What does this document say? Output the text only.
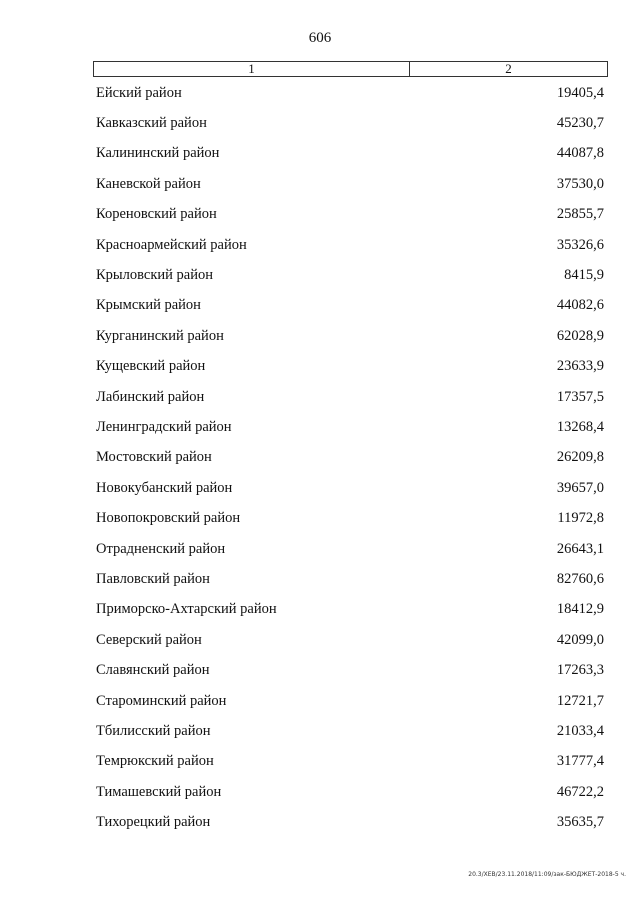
606
1	2
Ейский район	19405,4
Кавказский район	45230,7
Калининский район	44087,8
Каневской район	37530,0
Кореновский район	25855,7
Красноармейский район	35326,6
Крыловский район	8415,9
Крымский район	44082,6
Курганинский район	62028,9
Кущевский район	23633,9
Лабинский район	17357,5
Ленинградский район	13268,4
Мостовский район	26209,8
Новокубанский район	39657,0
Новопокровский район	11972,8
Отрадненский район	26643,1
Павловский район	82760,6
Приморско-Ахтарский район	18412,9
Северский район	42099,0
Славянский район	17263,3
Староминский район	12721,7
Тбилисский район	21033,4
Темрюкский район	31777,4
Тимашевский район	46722,2
Тихорецкий район	35635,7
20.3/ХЕВ/23.11.2018/11:09/зак-БЮДЖЕТ-2018-5 ч.
